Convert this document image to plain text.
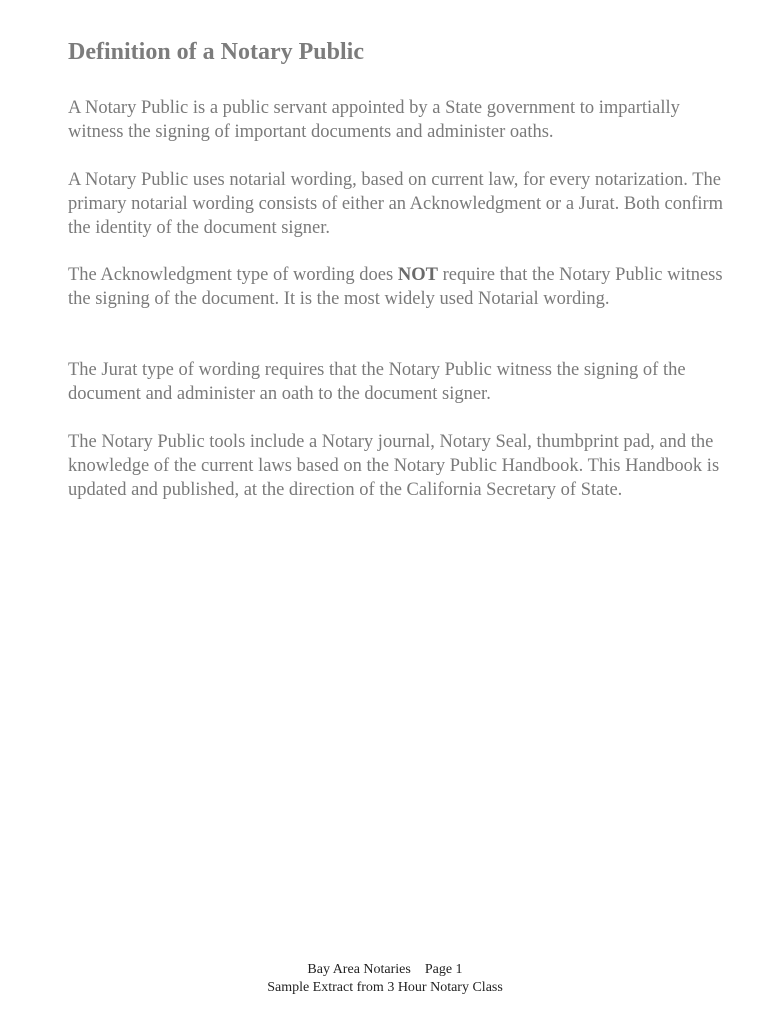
Definition of a Notary Public

A Notary Public is a public servant appointed by a State government to impartially witness the signing of important documents and administer oaths.

A Notary Public uses notarial wording, based on current law, for every notarization. The primary notarial wording consists of either an Acknowledgment or a Jurat. Both confirm the identity of the document signer.

The Acknowledgment type of wording does NOT require that the Notary Public witness the signing of the document. It is the most widely used Notarial wording.

The Jurat type of wording requires that the Notary Public witness the signing of the document and administer an oath to the document signer.

The Notary Public tools include a Notary journal, Notary Seal, thumbprint pad, and the knowledge of the current laws based on the Notary Public Handbook. This Handbook is updated and published, at the direction of the California Secretary of State.

Bay Area Notaries Page 1

Sample Extract from 3 Hour Notary Class
